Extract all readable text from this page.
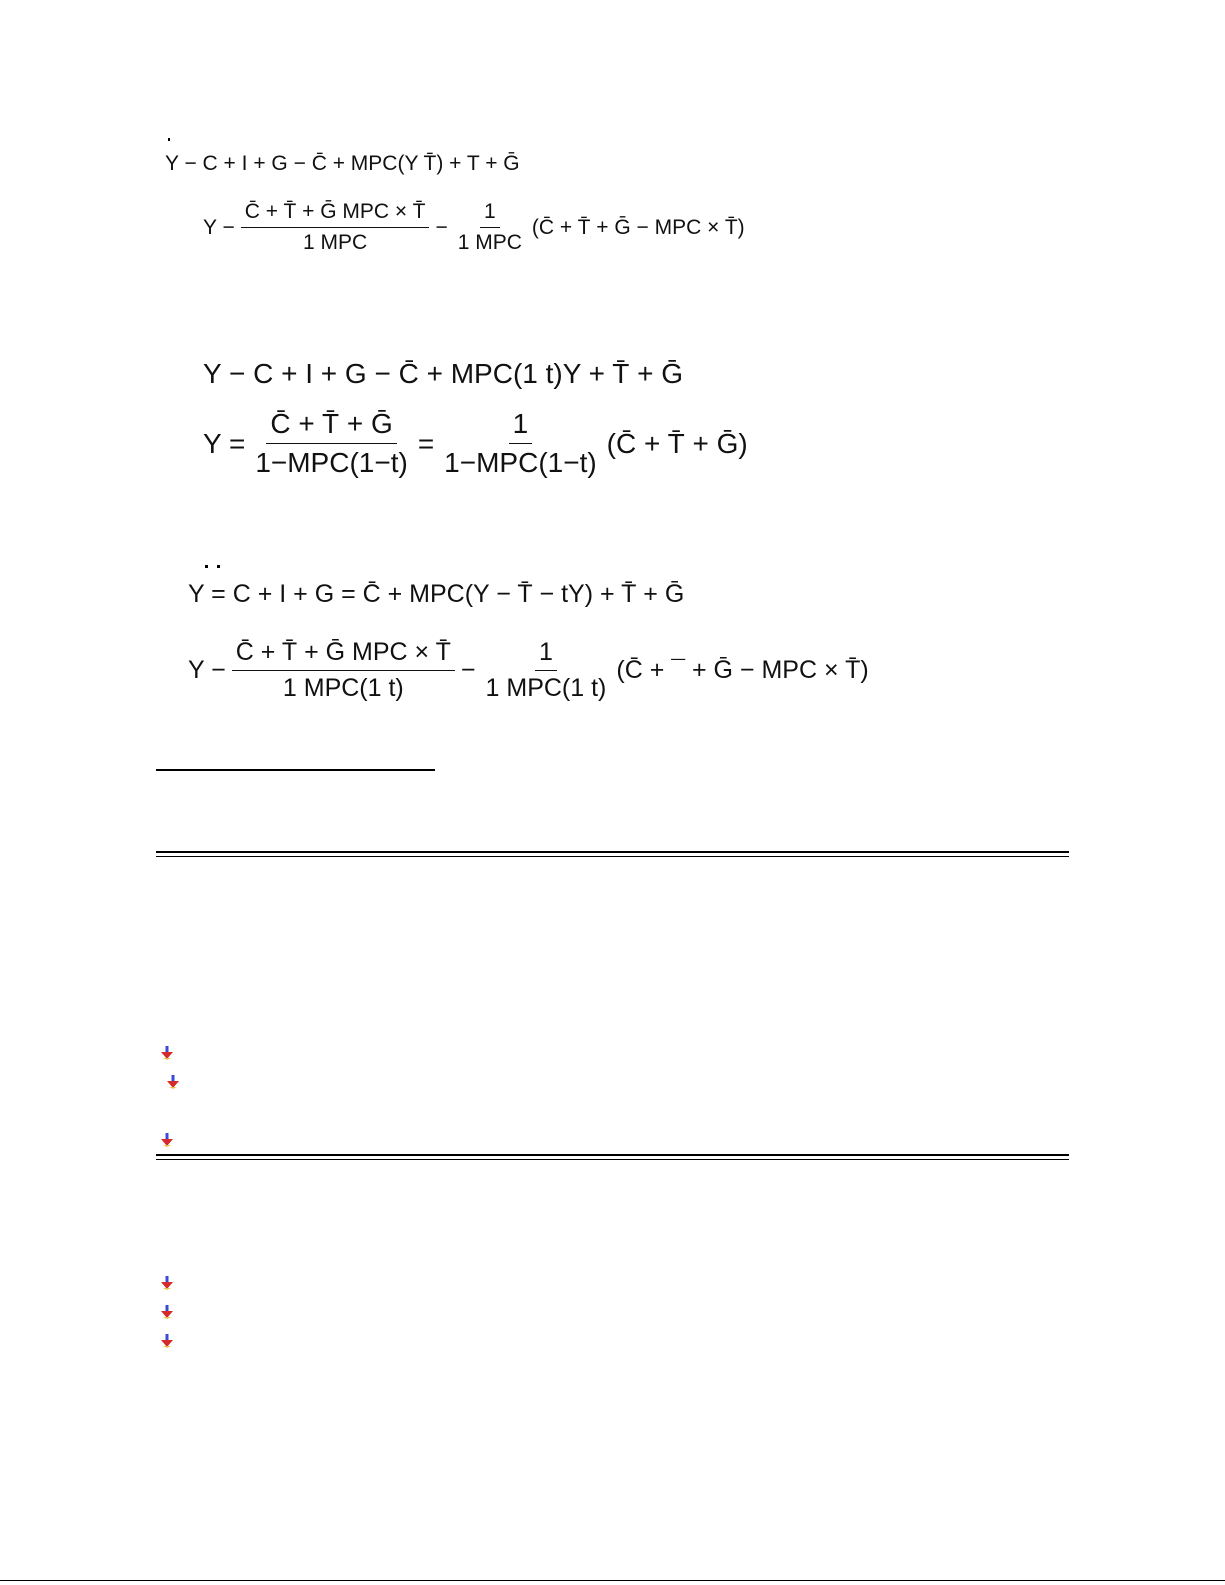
Y − C + I + G − C̄ + MPC(Y T̄) + T + Ḡ
$Y - \frac{\text{C̄ + T̄ + Ḡ MPC × T̄}}{\text{1 MPC}} - \frac{1}{\text{1 MPC}}$ (C̄ + T̄ + Ḡ − MPC × T̄)
Y − C + I + G − C̄ + MPC(1 t)Y + T̄ + Ḡ
$Y = \frac{\text{C̄ + T̄ + Ḡ}}{\text{1−MPC(1−t)}} = \frac{1}{\text{1−MPC(1−t)}}$ (C̄ + T̄ + Ḡ)
Y = C + I + G = C̄ + MPC(Y − T̄ − tY) + T̄ + Ḡ
$Y - \frac{\text{C̄ + T̄ + Ḡ MPC × T̄}}{\text{1 MPC(1 t)}} - \frac{1}{\text{1 MPC(1 t)}}$ (C̄ + ¯ + Ḡ − MPC × T̄)
